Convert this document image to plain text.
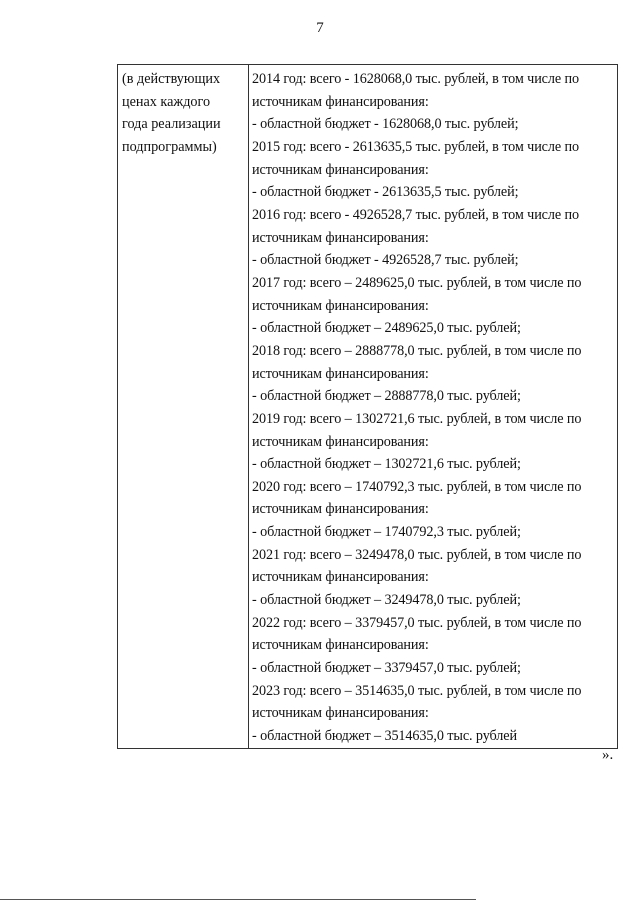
7
(в действующих
ценах каждого
года реализации
подпрограммы)

2014 год: всего - 1628068,0 тыс. рублей, в том числе по
источникам финансирования:
- областной бюджет - 1628068,0 тыс. рублей;
2015 год: всего - 2613635,5 тыс. рублей, в том числе по
источникам финансирования:
- областной бюджет - 2613635,5 тыс. рублей;
2016 год: всего - 4926528,7 тыс. рублей, в том числе по
источникам финансирования:
- областной бюджет - 4926528,7 тыс. рублей;
2017 год: всего – 2489625,0 тыс. рублей, в том числе по
источникам финансирования:
- областной бюджет – 2489625,0 тыс. рублей;
2018 год: всего – 2888778,0 тыс. рублей, в том числе по
источникам финансирования:
- областной бюджет – 2888778,0 тыс. рублей;
2019 год: всего – 1302721,6 тыс. рублей, в том числе по
источникам финансирования:
- областной бюджет – 1302721,6 тыс. рублей;
2020 год: всего – 1740792,3 тыс. рублей, в том числе по
источникам финансирования:
- областной бюджет – 1740792,3 тыс. рублей;
2021 год: всего – 3249478,0 тыс. рублей, в том числе по
источникам финансирования:
- областной бюджет – 3249478,0 тыс. рублей;
2022 год: всего – 3379457,0 тыс. рублей, в том числе по
источникам финансирования:
- областной бюджет – 3379457,0 тыс. рублей;
2023 год: всего – 3514635,0 тыс. рублей, в том числе по
источникам финансирования:
- областной бюджет – 3514635,0 тыс. рублей
».
